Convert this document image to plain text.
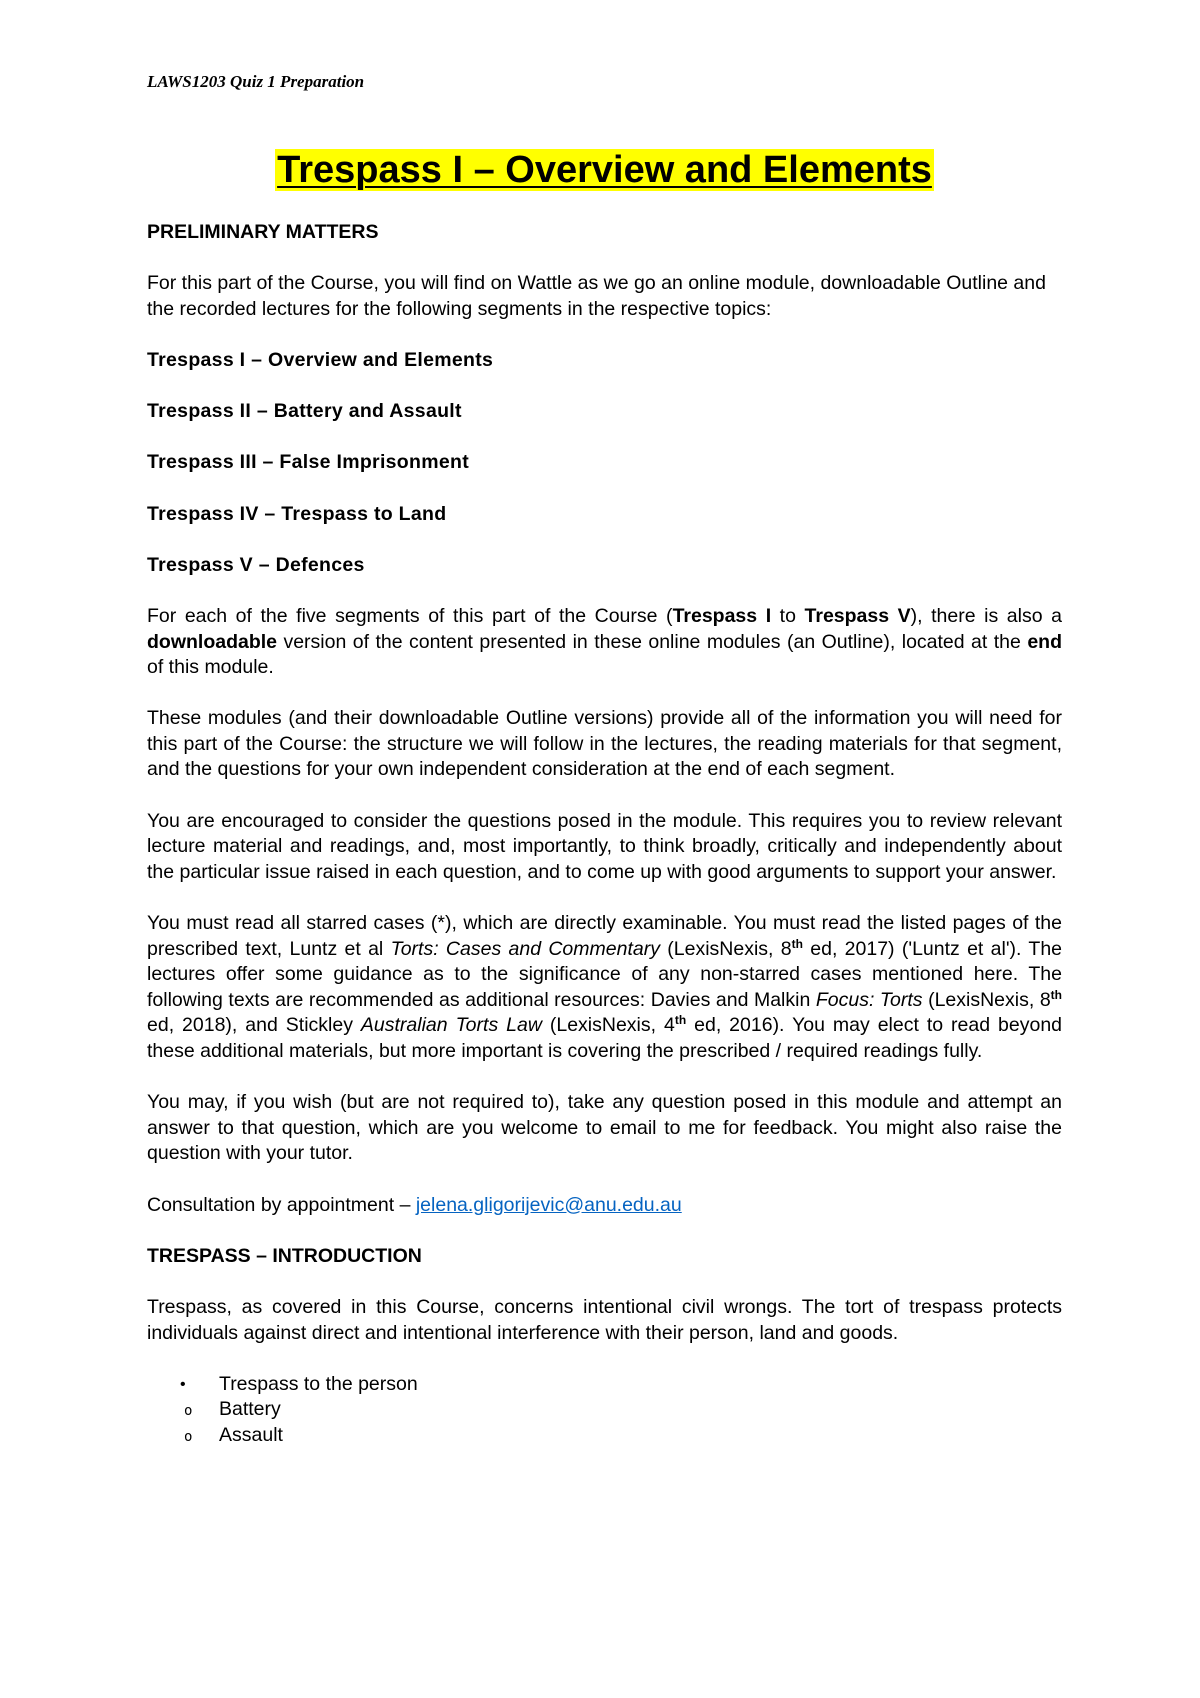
LAWS1203 Quiz 1 Preparation
Trespass I – Overview and Elements
PRELIMINARY MATTERS

For this part of the Course, you will find on Wattle as we go an online module, downloadable Outline and the recorded lectures for the following segments in the respective topics:

Trespass I – Overview and Elements

Trespass II – Battery and Assault

Trespass III – False Imprisonment

Trespass IV – Trespass to Land

Trespass V – Defences

For each of the five segments of this part of the Course (Trespass I to Trespass V), there is also a downloadable version of the content presented in these online modules (an Outline), located at the end of this module.

These modules (and their downloadable Outline versions) provide all of the information you will need for this part of the Course: the structure we will follow in the lectures, the reading materials for that segment, and the questions for your own independent consideration at the end of each segment.

You are encouraged to consider the questions posed in the module. This requires you to review relevant lecture material and readings, and, most importantly, to think broadly, critically and independently about the particular issue raised in each question, and to come up with good arguments to support your answer.

You must read all starred cases (*), which are directly examinable. You must read the listed pages of the prescribed text, Luntz et al Torts: Cases and Commentary (LexisNexis, 8th ed, 2017) ('Luntz et al'). The lectures offer some guidance as to the significance of any non-starred cases mentioned here. The following texts are recommended as additional resources: Davies and Malkin Focus: Torts (LexisNexis, 8th ed, 2018), and Stickley Australian Torts Law (LexisNexis, 4th ed, 2016). You may elect to read beyond these additional materials, but more important is covering the prescribed / required readings fully.

You may, if you wish (but are not required to), take any question posed in this module and attempt an answer to that question, which are you welcome to email to me for feedback. You might also raise the question with your tutor.

Consultation by appointment – jelena.gligorijevic@anu.edu.au

TRESPASS – INTRODUCTION

Trespass, as covered in this Course, concerns intentional civil wrongs. The tort of trespass protects individuals against direct and intentional interference with their person, land and goods.

• Trespass to the person
o Battery
o Assault
